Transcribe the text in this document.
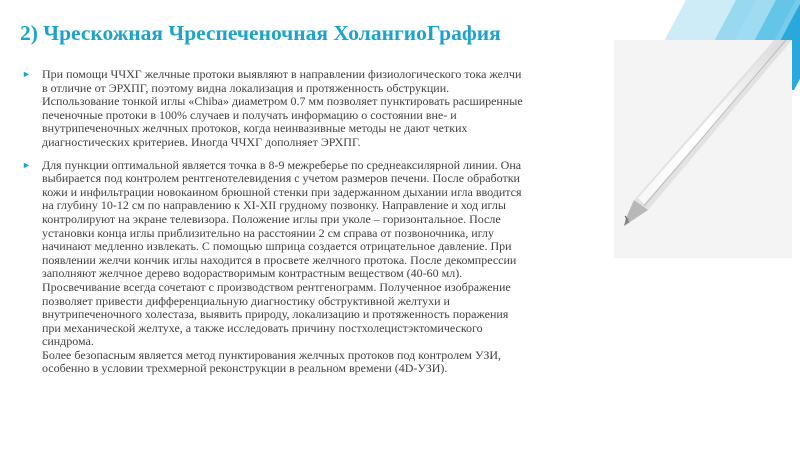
2) Чрескожная Чреспеченочная ХолангиоГрафия
► При помощи ЧЧХГ желчные протоки выявляют в направлении физиологического тока желчи
в отличие от ЭРХПГ, поэтому видна локализация и протяженность обструкции.
Использование тонкой иглы «Chiba» диаметром 0.7 мм позволяет пунктировать расширенные
печеночные протоки в 100% случаев и получать информацию о состоянии вне- и
внутрипеченочных желчных протоков, когда неинвазивные методы не дают четких
диагностических критериев. Иногда ЧЧХГ дополняет ЭРХПГ.
► Для пункции оптимальной является точка в 8-9 межреберье по среднеаксилярной линии. Она
выбирается под контролем рентгенотелевидения с учетом размеров печени. После обработки
кожи и инфильтрации новокаином брюшной стенки при задержанном дыхании игла вводится
на глубину 10-12 см по направлению к XI-XII грудному позвонку. Направление и ход иглы
контролируют на экране телевизора. Положение иглы при уколе – горизонтальное. После
установки конца иглы приблизительно на расстоянии 2 см справа от позвоночника, иглу
начинают медленно извлекать. С помощью шприца создается отрицательное давление. При
появлении желчи кончик иглы находится в просвете желчного протока. После декомпрессии
заполняют желчное дерево водорастворимым контрастным веществом (40-60 мл).
Просвечивание всегда сочетают с производством рентгенограмм. Полученное изображение
позволяет привести дифференциальную диагностику обструктивной желтухи и
внутрипеченочного холестаза, выявить природу, локализацию и протяженность поражения
при механической желтухе, а также исследовать причину постхолецистэктомического
синдрома.
Более безопасным является метод пунктирования желчных протоков под контролем УЗИ,
особенно в условии трехмерной реконструкции в реальном времени (4D-УЗИ).
